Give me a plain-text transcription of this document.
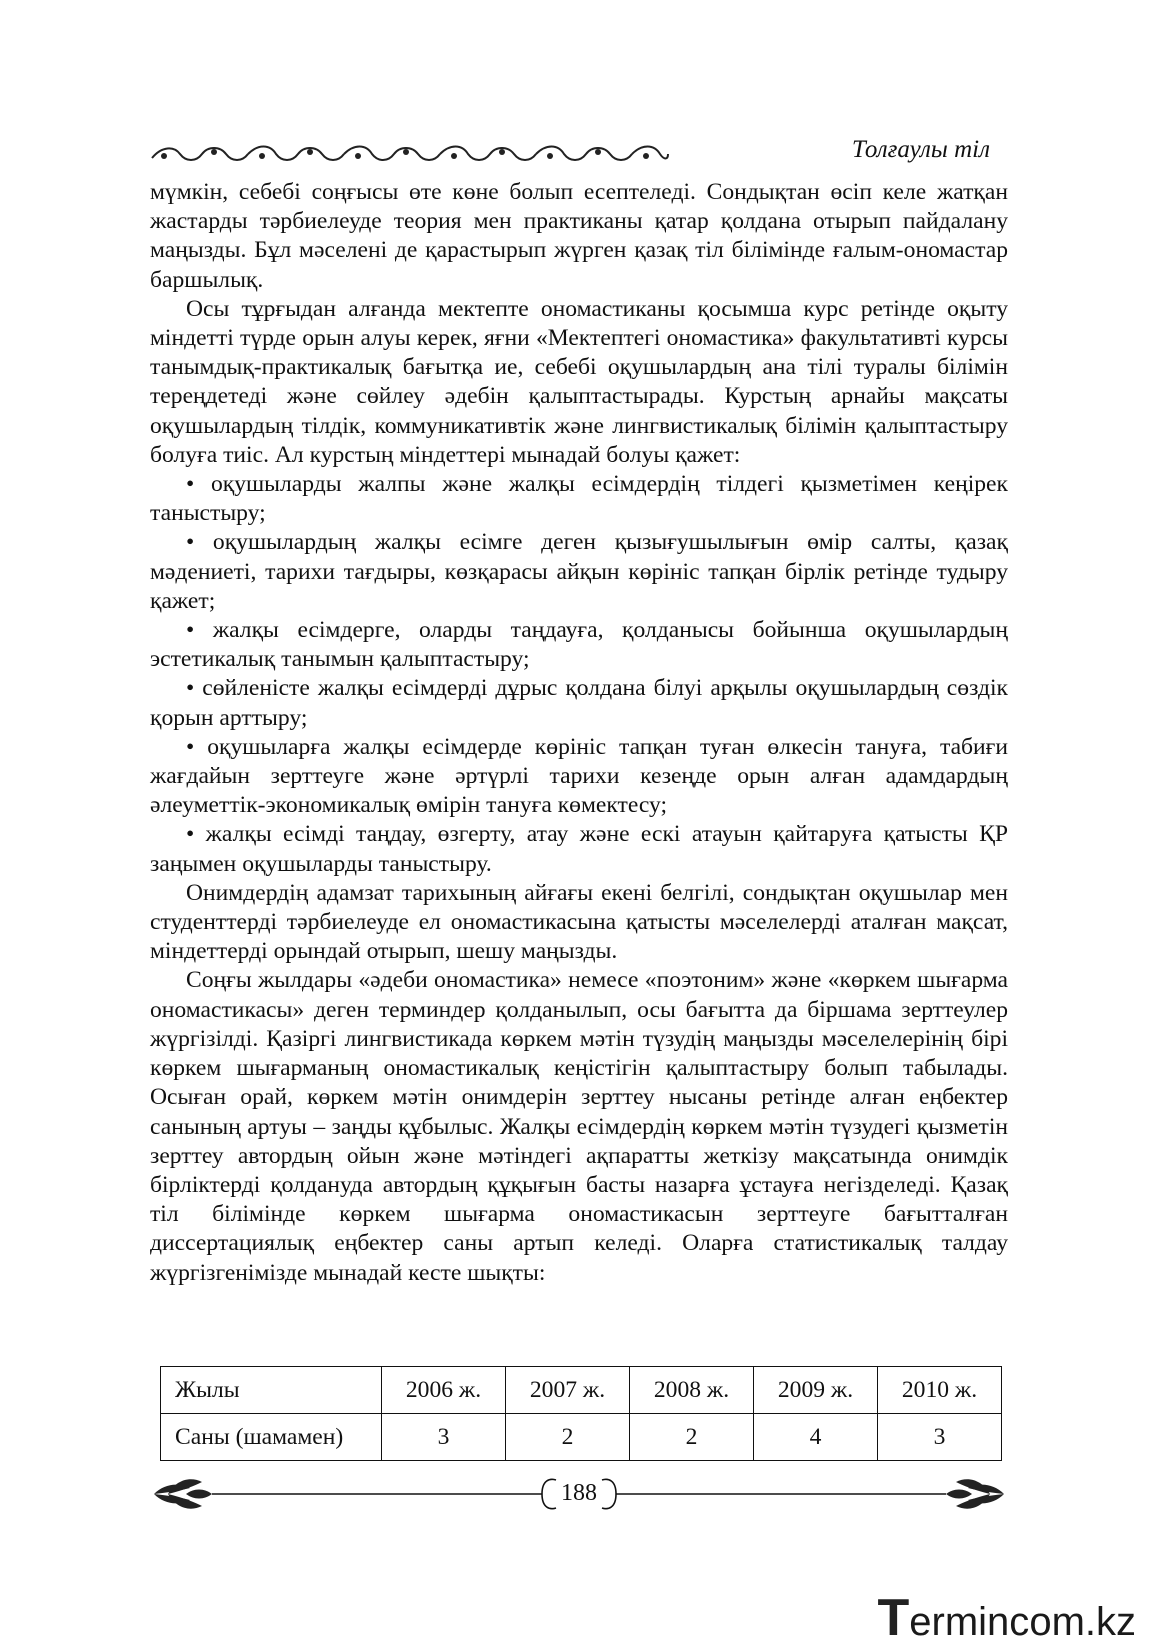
Толғаулы тіл

мүмкін, себебі соңғысы өте көне болып есептеледі. Сондықтан өсіп келе жатқан жастарды тәрбиелеуде теория мен практиканы қатар қолдана отырып пайдалану маңызды. Бұл мәселені де қарастырып жүрген қазақ тіл білімінде ғалым-ономастар баршылық.

Осы тұрғыдан алғанда мектепте ономастиканы қосымша курс ретінде оқыту міндетті түрде орын алуы керек, яғни «Мектептегі ономастика» факультативті курсы танымдық-практикалық бағытқа ие, себебі оқушылардың ана тілі туралы білімін тереңдетеді және сөйлеу әдебін қалыптастырады. Курстың арнайы мақсаты оқушылардың тілдік, коммуникативтік және лингвистикалық білімін қалыптастыру болуға тиіс. Ал курстың міндеттері мынадай болуы қажет:

• оқушыларды жалпы және жалқы есімдердің тілдегі қызметімен кеңірек таныстыру;

• оқушылардың жалқы есімге деген қызығушылығын өмір салты, қазақ мәдениеті, тарихи тағдыры, көзқарасы айқын көрініс тапқан бірлік ретінде тудыру қажет;

• жалқы есімдерге, оларды таңдауға, қолданысы бойынша оқушылардың эстетикалық танымын қалыптастыру;

• сөйленісте жалқы есімдерді дұрыс қолдана білуі арқылы оқушылардың сөздік қорын арттыру;

• оқушыларға жалқы есімдерде көрініс тапқан туған өлкесін тануға, табиғи жағдайын зерттеуге және әртүрлі тарихи кезеңде орын алған адамдардың әлеуметтік-экономикалық өмірін тануға көмектесу;

• жалқы есімді таңдау, өзгерту, атау және ескі атауын қайтаруға қатысты ҚР заңымен оқушыларды таныстыру.

Онимдердің адамзат тарихының айғағы екені белгілі, сондықтан оқушылар мен студенттерді тәрбиелеуде ел ономастикасына қатысты мәселелерді аталған мақсат, міндеттерді орындай отырып, шешу маңызды.

Соңғы жылдары «әдеби ономастика» немесе «поэтоним» және «көркем шығарма ономастикасы» деген терминдер қолданылып, осы бағытта да біршама зерттеулер жүргізілді. Қазіргі лингвистикада көркем мәтін түзудің маңызды мәселелерінің бірі көркем шығарманың ономастикалық кеңістігін қалыптастыру болып табылады. Осыған орай, көркем мәтін онимдерін зерттеу нысаны ретінде алған еңбектер санының артуы – заңды құбылыс. Жалқы есімдердің көркем мәтін түзудегі қызметін зерттеу автордың ойын және мәтіндегі ақпаратты жеткізу мақсатында онимдік бірліктерді қолдануда автордың құқығын басты назарға ұстауға негізделеді. Қазақ тіл білімінде көркем шығарма ономастикасын зерттеуге бағытталған диссертациялық еңбектер саны артып келеді. Оларға статистикалық талдау жүргізгенімізде мынадай кесте шықты:

Жылы	2006 ж.	2007 ж.	2008 ж.	2009 ж.	2010 ж.
Саны (шамамен)	3	2	2	4	3
188
Termincom.kz
